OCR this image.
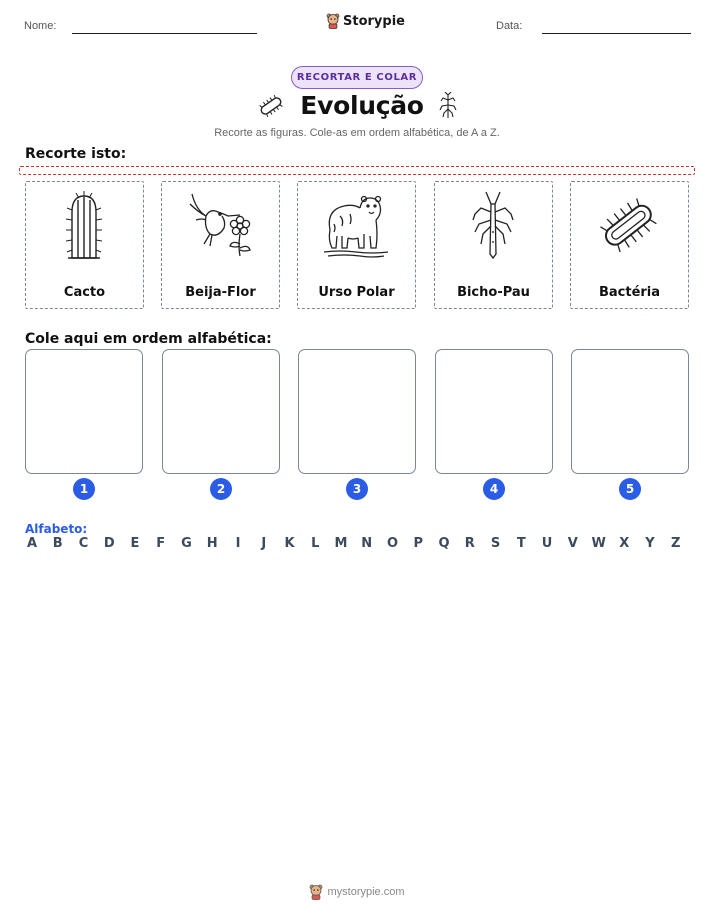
Nome:	Data:
Storypie
RECORTAR E COLAR
Evolução
Recorte as figuras. Cole-as em ordem alfabética, de A a Z.
Recorte isto:
Cacto	Beija-Flor	Urso Polar	Bicho-Pau	Bactéria
Cole aqui em ordem alfabética:
1	2	3	4	5
Alfabeto:
A B C D E F G H	I	J	K L M N O P Q R S T U V W X Y Z
mystorypie.com
